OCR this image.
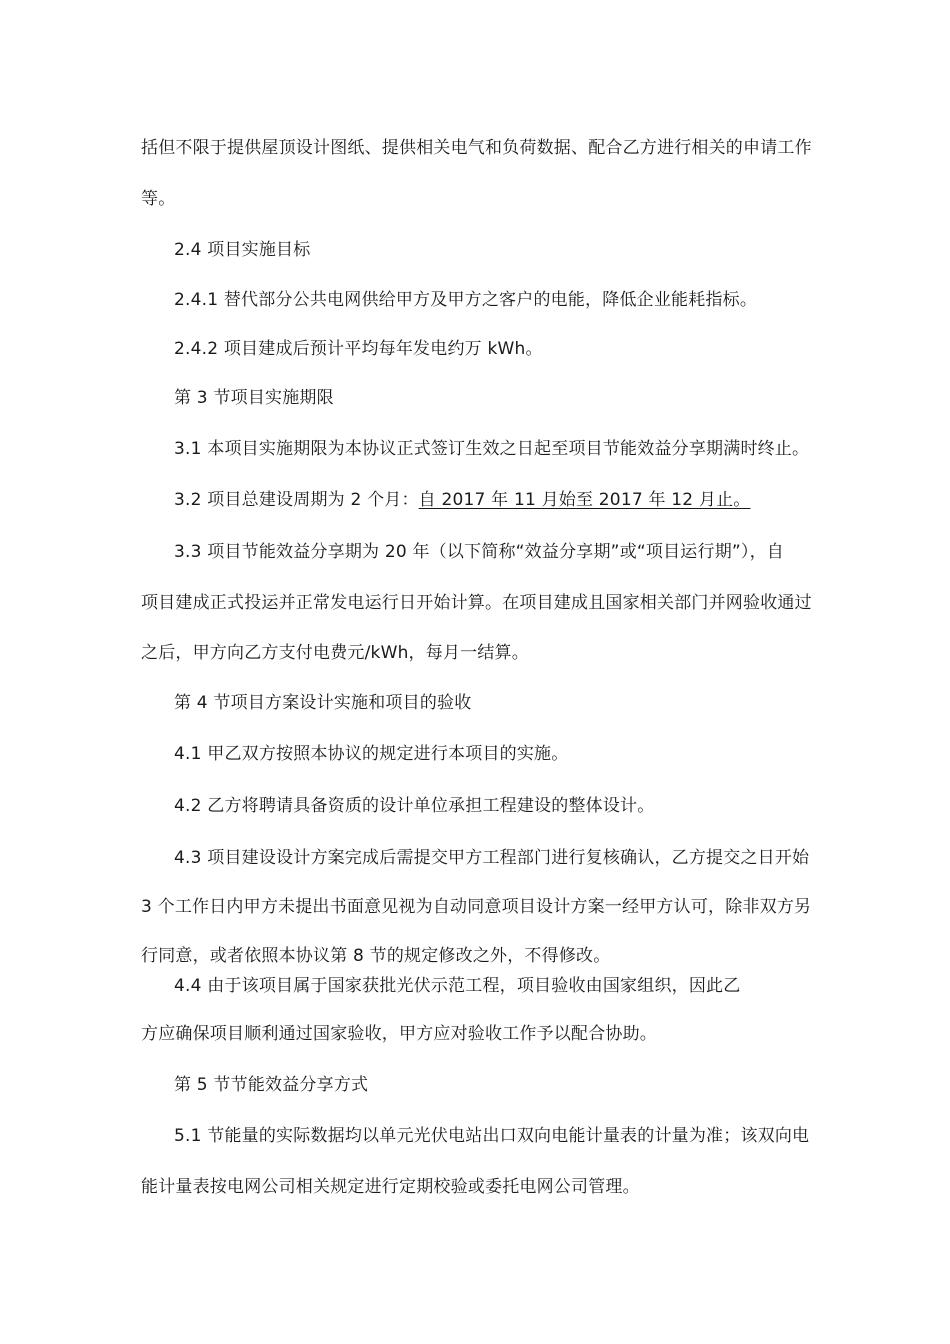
括但不限于提供屋顶设计图纸、提供相关电气和负荷数据、配合乙方进行相关的申请工作
等。
2.4 项目实施目标
2.4.1 替代部分公共电网供给甲方及甲方之客户的电能，降低企业能耗指标。
2.4.2 项目建成后预计平均每年发电约万 kWh。
第 3 节项目实施期限
3.1 本项目实施期限为本协议正式签订生效之日起至项目节能效益分享期满时终止。
3.2 项目总建设周期为 2 个月：自 2017 年 11 月始至 2017 年 12 月止。
3.3 项目节能效益分享期为 20 年（以下简称“效益分享期”或“项目运行期”），自
项目建成正式投运并正常发电运行日开始计算。在项目建成且国家相关部门并网验收通过
之后，甲方向乙方支付电费元/kWh，每月一结算。
第 4 节项目方案设计实施和项目的验收
4.1 甲乙双方按照本协议的规定进行本项目的实施。
4.2 乙方将聘请具备资质的设计单位承担工程建设的整体设计。
4.3 项目建设设计方案完成后需提交甲方工程部门进行复核确认，乙方提交之日开始
3 个工作日内甲方未提出书面意见视为自动同意项目设计方案一经甲方认可，除非双方另
行同意，或者依照本协议第 8 节的规定修改之外，不得修改。
4.4 由于该项目属于国家获批光伏示范工程，项目验收由国家组织，因此乙
方应确保项目顺利通过国家验收，甲方应对验收工作予以配合协助。
第 5 节节能效益分享方式
5.1 节能量的实际数据均以单元光伏电站出口双向电能计量表的计量为准；该双向电
能计量表按电网公司相关规定进行定期校验或委托电网公司管理。
